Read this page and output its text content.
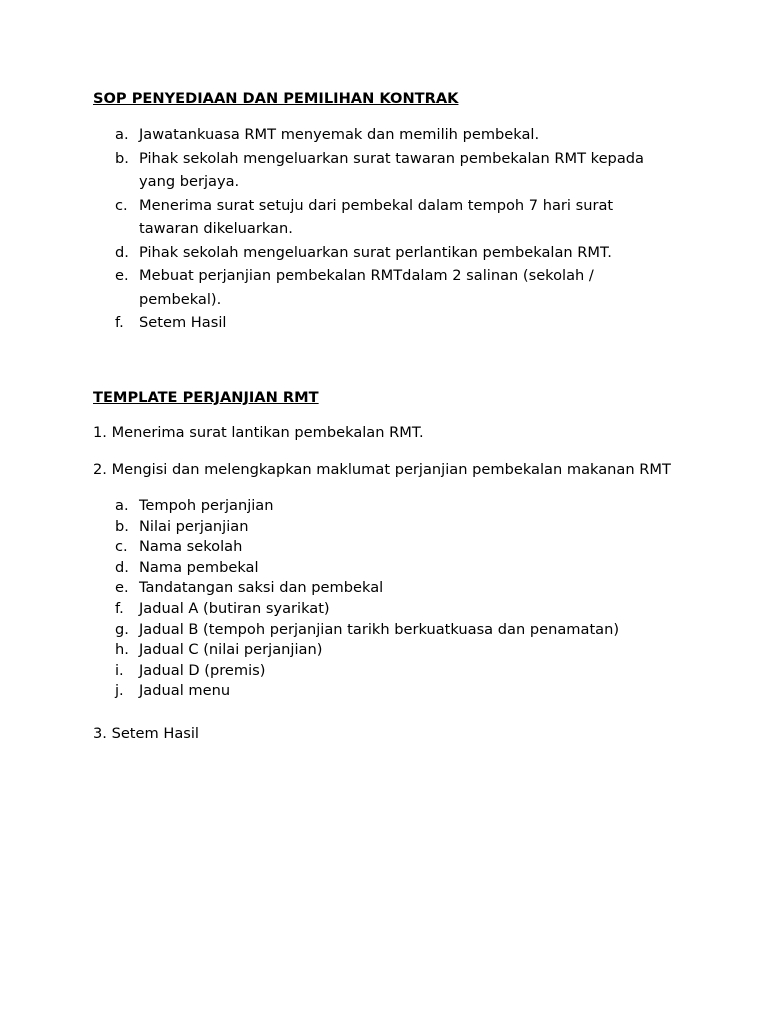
SOP PENYEDIAAN DAN PEMILIHAN KONTRAK
a. Jawatankuasa RMT menyemak dan memilih pembekal.
b. Pihak sekolah mengeluarkan surat tawaran pembekalan RMT kepada yang berjaya.
c. Menerima surat setuju dari pembekal dalam tempoh 7 hari surat tawaran dikeluarkan.
d. Pihak sekolah mengeluarkan surat perlantikan pembekalan RMT.
e. Mebuat perjanjian pembekalan RMTdalam 2 salinan (sekolah / pembekal).
f. Setem Hasil
TEMPLATE PERJANJIAN RMT
1. Menerima surat lantikan pembekalan RMT.
2. Mengisi dan melengkapkan maklumat perjanjian pembekalan makanan RMT
a. Tempoh perjanjian
b. Nilai perjanjian
c. Nama sekolah
d. Nama pembekal
e. Tandatangan saksi dan pembekal
f. Jadual A (butiran syarikat)
g. Jadual B (tempoh perjanjian tarikh berkuatkuasa dan penamatan)
h. Jadual C (nilai perjanjian)
i. Jadual D (premis)
j. Jadual menu
3. Setem Hasil
